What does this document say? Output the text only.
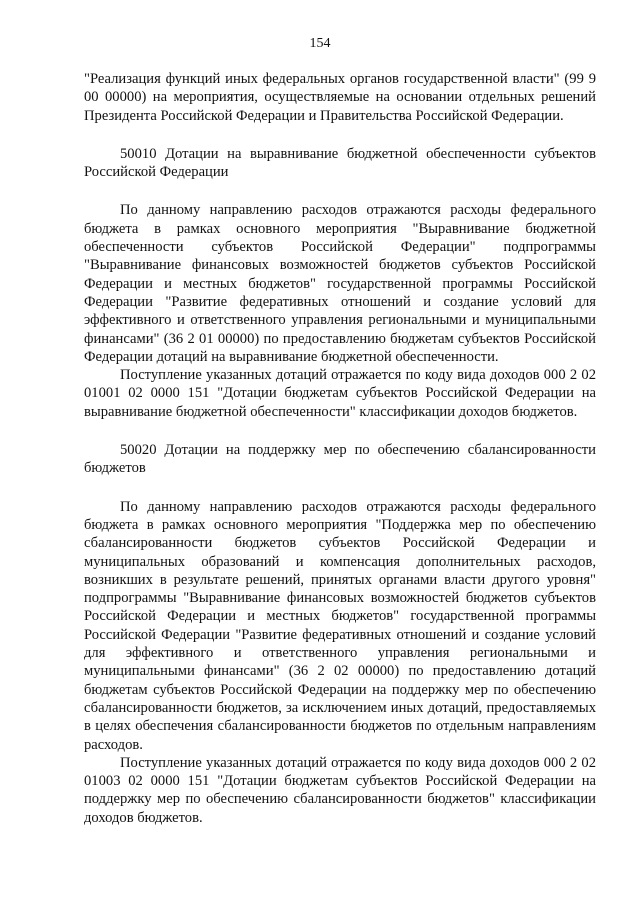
154

"Реализация функций иных федеральных органов государственной власти" (99 9 00 00000) на мероприятия, осуществляемые на основании отдельных решений Президента Российской Федерации и Правительства Российской Федерации.

50010 Дотации на выравнивание бюджетной обеспеченности субъектов Российской Федерации

По данному направлению расходов отражаются расходы федерального бюджета в рамках основного мероприятия "Выравнивание бюджетной обеспеченности субъектов Российской Федерации" подпрограммы "Выравнивание финансовых возможностей бюджетов субъектов Российской Федерации и местных бюджетов" государственной программы Российской Федерации "Развитие федеративных отношений и создание условий для эффективного и ответственного управления региональными и муниципальными финансами" (36 2 01 00000) по предоставлению бюджетам субъектов Российской Федерации дотаций на выравнивание бюджетной обеспеченности.

Поступление указанных дотаций отражается по коду вида доходов 000 2 02 01001 02 0000 151 "Дотации бюджетам субъектов Российской Федерации на выравнивание бюджетной обеспеченности" классификации доходов бюджетов.

50020 Дотации на поддержку мер по обеспечению сбалансированности бюджетов

По данному направлению расходов отражаются расходы федерального бюджета в рамках основного мероприятия "Поддержка мер по обеспечению сбалансированности бюджетов субъектов Российской Федерации и муниципальных образований и компенсация дополнительных расходов, возникших в результате решений, принятых органами власти другого уровня" подпрограммы "Выравнивание финансовых возможностей бюджетов субъектов Российской Федерации и местных бюджетов" государственной программы Российской Федерации "Развитие федеративных отношений и создание условий для эффективного и ответственного управления региональными и муниципальными финансами" (36 2 02 00000) по предоставлению дотаций бюджетам субъектов Российской Федерации на поддержку мер по обеспечению сбалансированности бюджетов, за исключением иных дотаций, предоставляемых в целях обеспечения сбалансированности бюджетов по отдельным направлениям расходов.

Поступление указанных дотаций отражается по коду вида доходов 000 2 02 01003 02 0000 151 "Дотации бюджетам субъектов Российской Федерации на поддержку мер по обеспечению сбалансированности бюджетов" классификации доходов бюджетов.
